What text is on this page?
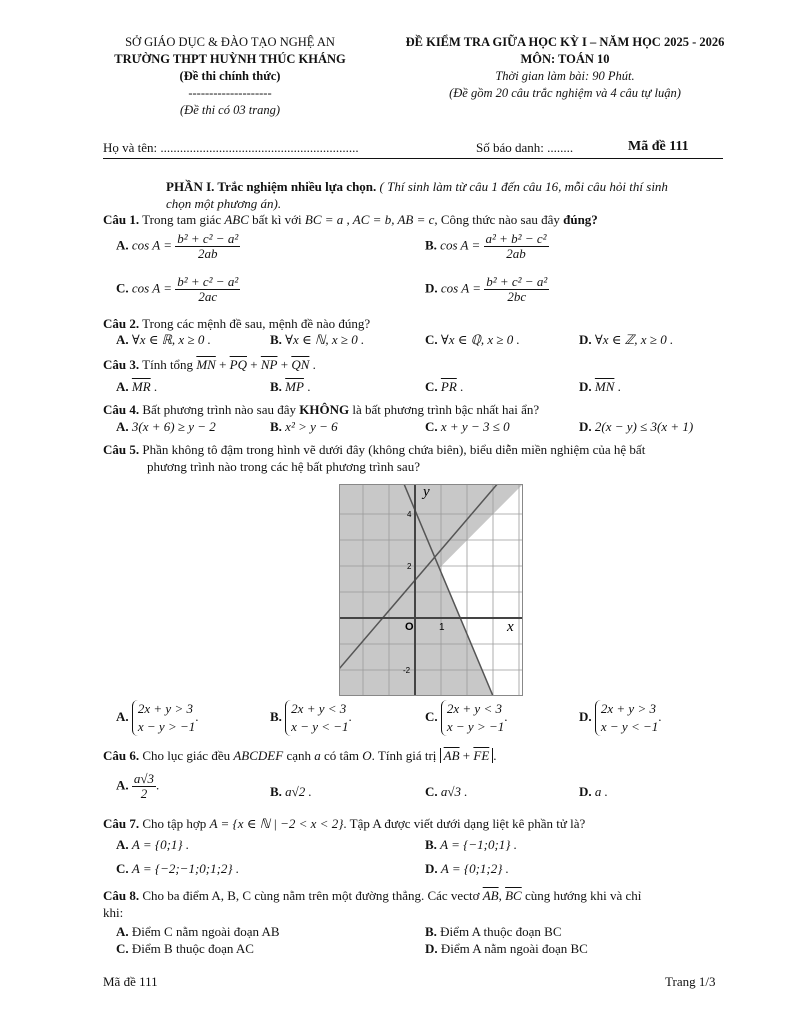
SỞ GIÁO DỤC & ĐÀO TẠO NGHỆ AN
TRƯỜNG THPT HUỲNH THÚC KHÁNG
(Đề thi chính thức)
--------------------
(Đề thi có 03 trang)
ĐỀ KIỂM TRA GIỮA HỌC KỲ I – NĂM HỌC 2025 - 2026
MÔN: TOÁN 10
Thời gian làm bài: 90 Phút.
(Đề gồm 20 câu trắc nghiệm và 4 câu tự luận)
Họ và tên: .............................................................	Số báo danh: ........	Mã đề 111
PHẦN I. Trắc nghiệm nhiều lựa chọn. ( Thí sinh làm từ câu 1 đến câu 16, mỗi câu hỏi thí sinh
chọn một phương án).
Câu 1. Trong tam giác ABC bất kì với BC = a , AC = b, AB = c, Công thức nào sau đây đúng?
A. $\cos A = \frac{\text{b² + c² − a²}}{2ab}$	B. $\cos A = \frac{\text{a² + b² − c²}}{2ab}$
C. $\cos A = \frac{\text{b² + c² − a²}}{2ac}$	D. $\cos A = \frac{\text{b² + c² − a²}}{2bc}$
Câu 2. Trong các mệnh đề sau, mệnh đề nào đúng?
A. ∀x ∈ ℝ, x ≥ 0 .	B. ∀x ∈ ℕ, x ≥ 0 .	C. ∀x ∈ ℚ, x ≥ 0 .	D. ∀x ∈ ℤ, x ≥ 0 .
Câu 3. Tính tổng $\overline{MN} + \overline{PQ} + \overline{NP} + \overline{QN}$ .
A. $\overline{MR}$ .	B. $\overline{MP}$ .	C. $\overline{PR}$ .	D. $\overline{MN}$ .
Câu 4. Bất phương trình nào sau đây KHÔNG là bất phương trình bậc nhất hai ẩn?
A. 3(x + 6) ≥ y − 2	B. x² > y − 6	C. x + y − 3 ≤ 0	D. 2(x − y) ≤ 3(x + 1)
Câu 5. Phần không tô đậm trong hình vẽ dưới đây (không chứa biên), biểu diễn miền nghiệm của hệ bất
phương trình nào trong các hệ bất phương trình sau?
x
y
O	1
4
2
-2
A. 2x + y > 3
x − y > −1.	B. 2x + y < 3
x − y < −1.	C. 2x + y < 3
x − y > −1.	D. 2x + y > 3
x − y < −1.
Câu 6. Cho lục giác đều ABCDEF cạnh a có tâm O. Tính giá trị $\overline{AB} + \overline{FE}$ .
A. $\frac{a√3}{2}$ .	B. a√2 .	C. a√3 .	D. a .
Câu 7. Cho tập hợp A = {x ∈ ℕ | −2 < x < 2}. Tập A được viết dưới dạng liệt kê phần tử là?
A. A = {0;1} .	B. A = {−1;0;1} .
C. A = {−2;−1;0;1;2} .	D. A = {0;1;2} .
Câu 8. Cho ba điểm A, B, C cùng nằm trên một đường thẳng. Các vectơ $\overline{AB}$, $\overline{BC}$ cùng hướng khi và chỉ
khi:
A. Điểm C nằm ngoài đoạn AB	B. Điểm A thuộc đoạn BC
C. Điểm B thuộc đoạn AC	D. Điểm A nằm ngoài đoạn BC
Mã đề 111	Trang 1/3
